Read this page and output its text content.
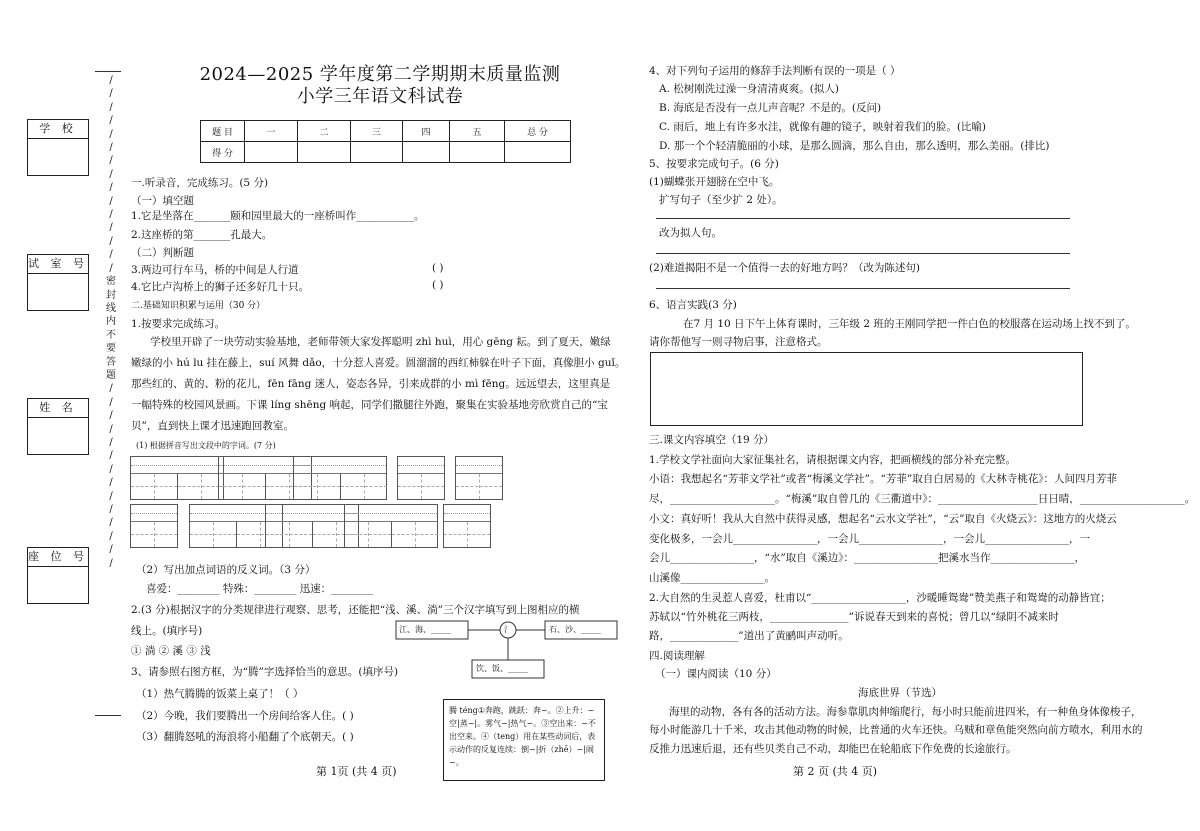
学 校
试 室 号
姓 名
座 位 号
/
/
/
/
/
/
/
/
/
/
/
/
/
/
/
密
封
线
内
不
要
答
题
/
/
/
/
/
/
/
/
/
/
/
/
/
/
2024—2025 学年度第二学期期末质量监测
小学三年语文科试卷
题 目	一	二	三	四	五	总 分
得 分						
一.听录音，完成练习。(5 分)
（一）填空题
1.它是坐落在_______颐和园里最大的一座桥叫作___________。
2.这座桥的第_______孔最大。
（二）判断题
3.两边可行车马，桥的中间是人行道	( )
4.它比卢沟桥上的狮子还多好几十只。	( )
二.基础知识积累与运用（30 分）
1.按要求完成练习。
学校里开辟了一块劳动实验基地，老师带领大家发挥聪明 zhì huì，用心 gēng 耘。到了夏天，嫩绿
嫩绿的小 hú lu 挂在藤上，suí 风舞 dǎo，十分惹人喜爱。圆溜溜的西红柿躲在叶子下面，真像胆小 guǐ。
那些红的、黄的、粉的花儿，fēn fāng 迷人，姿态各异，引来成群的小 mì fēng。远远望去，这里真是
一幅特殊的校园风景画。下课 líng shēng 响起，同学们撒腿往外跑，聚集在实验基地旁欣赏自己的“宝
贝”，直到快上课才迅速跑回教室。
(1) 根据拼音写出文段中的字词。(7 分)
（2）写出加点词语的反义词。（3 分）
喜爱：________ 特殊：________ 迅速：________
2.(3 分)根据汉字的分类规律进行观察、思考，还能把“浅、溪、淌”三个汉字填写到上图相应的横
线上。(填序号)
① 淌 ② 溪 ③ 浅
江、海、_____	石、沙、_____
饮、饭、_____
氵
3、请参照右图方框，为“腾”字选择恰当的意思。(填序号)
（1）热气腾腾的饭菜上桌了！（ ）
（2）今晚，我们要腾出一个房间给客人住。( )
（3）翻腾怒吼的海浪将小船翻了个底朝天。( )
腾 téng①奔跑，跳跃：奔~。②上升：~空|蒸~|。雾气~|热气~。③空出来：~不出空来。④（teng）用在某些动词后，表示动作的反复连续：倒~|折（zhē）~|闹~。
第 1页 (共 4 页)
4、对下列句子运用的修辞手法判断有误的一项是（ ）
A. 松树刚洗过澡一身清清爽爽。(拟人)
B. 海底是否没有一点儿声音呢？不是的。(反问)
C. 雨后，地上有许多水洼，就像有趣的镜子，映射着我们的脸。(比喻)
D. 那一个个轻清脆丽的小球，是那么圆滴，那么自由，那么透明，那么美丽。(排比)
5、按要求完成句子。(6 分)
(1)蝴蝶张开翅膀在空中飞。
扩写句子（至少扩 2 处）。
改为拟人句。
(2)难道揭阳不是一个值得一去的好地方吗？（改为陈述句)
6、语言实践(3 分)
在7 月 10 日下午上体育课时，三年级 2 班的王刚同学把一件白色的校服落在运动场上找不到了。
请你帮他写一则寻物启事，注意格式。
三.课文内容填空（19 分）
1.学校文学社面向大家征集社名，请根据课文内容，把画横线的部分补充完整。
小语：我想起名“芳菲文学社”或者“梅溪文学社”。“芳菲”取自白居易的《大林寺桃花》：人间四月芳菲
尽，____________________。“梅溪”取自曾几的《三衢道中》：___________________日日晴，____________________。
小文：真好听！我从大自然中获得灵感，想起名“云水文学社”，“云”取自《火烧云》：这地方的火烧云
变化极多，一会儿________________，一会儿________________，一会儿________________，一
会儿________________，“水”取自《溪边》：________________把溪水当作________________，
山溪像________________。
2.大自然的生灵惹人喜爱，杜甫以“__________________，沙暖睡鸳鸯”赞美燕子和鸳鸯的动静皆宜；
苏轼以“竹外桃花三两枝，_______________”诉说春天到来的喜悦；曾几以“绿阴不减来时
路，_____________”道出了黄鹂叫声动听。
四.阅读理解
（一）课内阅读（10 分）
海底世界（节选）
海里的动物，各有各的活动方法。海参靠肌肉伸缩爬行，每小时只能前进四米，有一种鱼身体像梭子，
每小时能游几十千米，攻击其他动物的时候，比普通的火车还快。乌贼和章鱼能突然向前方喷水，利用水的
反推力迅速后退，还有些贝类自己不动，却能巴在轮船底下作免费的长途旅行。
第 2 页 (共 4 页)
